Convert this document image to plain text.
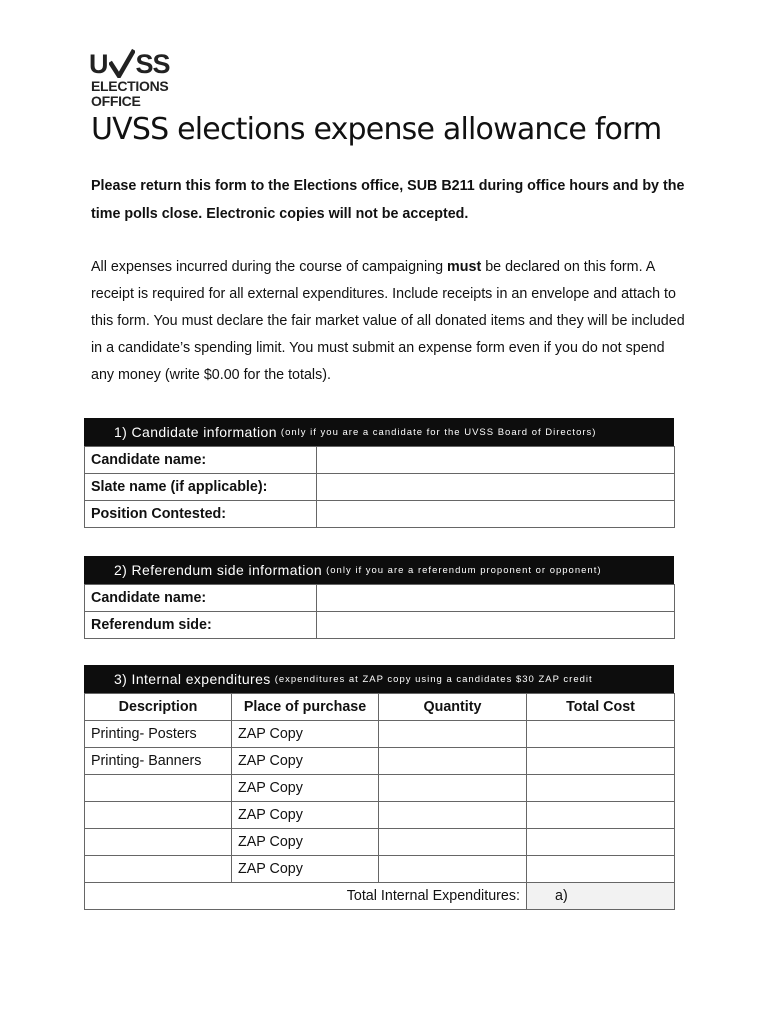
U SS
ELECTIONS
OFFICE
UVSS elections expense allowance form

Please return this form to the Elections office, SUB B211 during office hours and by the time polls close. Electronic copies will not be accepted.

All expenses incurred during the course of campaigning must be declared on this form. A receipt is required for all external expenditures. Include receipts in an envelope and attach to this form. You must declare the fair market value of all donated items and they will be included in a candidate’s spending limit. You must submit an expense form even if you do not spend any money (write $0.00 for the totals).

1) Candidate information (only if you are a candidate for the UVSS Board of Directors)
Candidate name:	
Slate name (if applicable):	
Position Contested:	
2) Referendum side information (only if you are a referendum proponent or opponent)
Candidate name:	
Referendum side:	
3) Internal expenditures (expenditures at ZAP copy using a candidates $30 ZAP credit
Description	Place of purchase	Quantity	Total Cost
Printing- Posters	ZAP Copy		
Printing- Banners	ZAP Copy		
	ZAP Copy		
	ZAP Copy		
	ZAP Copy		
	ZAP Copy		
Total Internal Expenditures:			a)
